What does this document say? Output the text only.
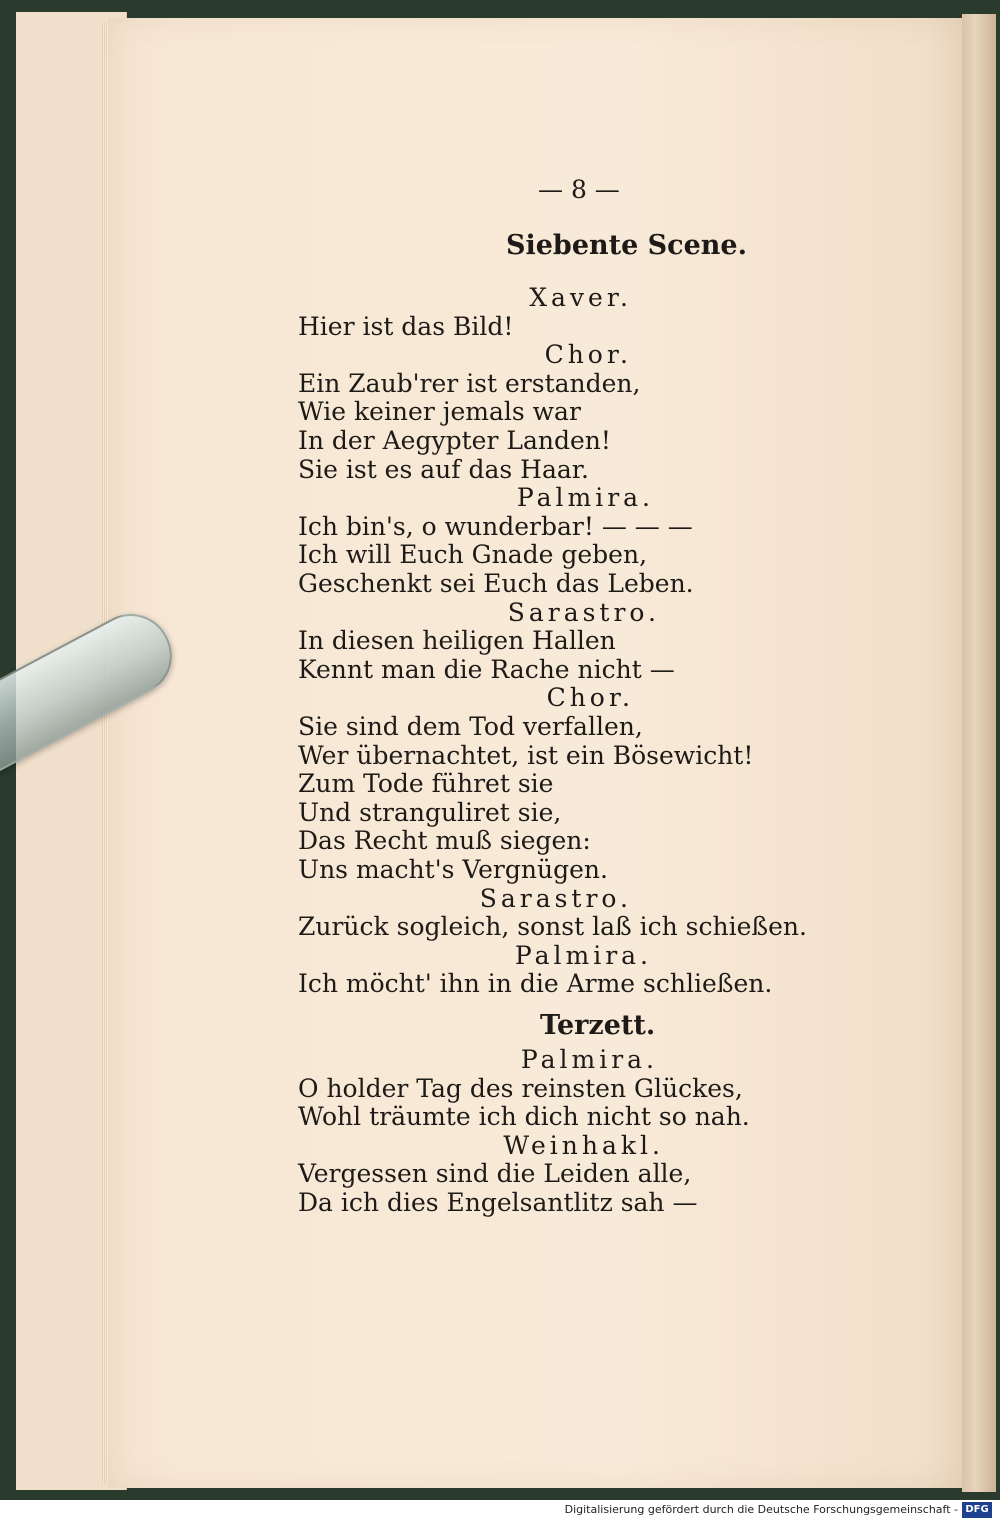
— 8 —
Siebente Scene.
Terzett.
Xaver.
Hier ist das Bild!
Chor.
Ein Zaub'rer ist erstanden,
Wie keiner jemals war
In der Aegypter Landen!
Sie ist es auf das Haar.
Palmira.
Ich bin's, o wunderbar! — — —
Ich will Euch Gnade geben,
Geschenkt sei Euch das Leben.
Sarastro.
In diesen heiligen Hallen
Kennt man die Rache nicht —
Chor.
Sie sind dem Tod verfallen,
Wer übernachtet, ist ein Bösewicht!
Zum Tode führet sie
Und stranguliret sie,
Das Recht muß siegen:
Uns macht's Vergnügen.
Sarastro.
Zurück sogleich, sonst laß ich schießen.
Palmira.
Ich möcht' ihn in die Arme schließen.
Palmira.
O holder Tag des reinsten Glückes,
Wohl träumte ich dich nicht so nah.
Weinhakl.
Vergessen sind die Leiden alle,
Da ich dies Engelsantlitz sah —
Digitalisierung gefördert durch die Deutsche Forschungsgemeinschaft - DFG
